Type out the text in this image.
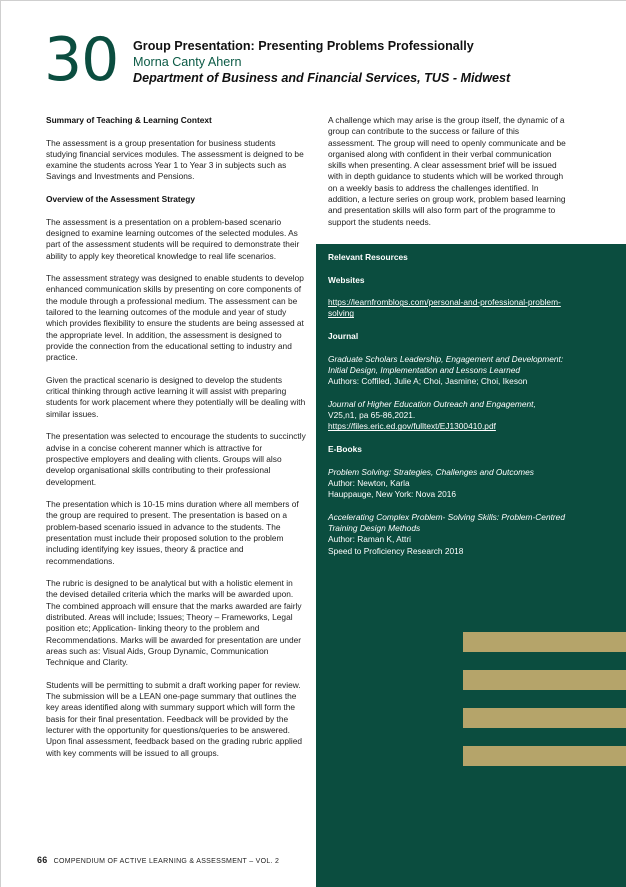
30 Group Presentation: Presenting Problems Professionally
Morna Canty Ahern
Department of Business and Financial Services, TUS - Midwest
Summary of Teaching & Learning Context

The assessment is a group presentation for business students studying financial services modules. The assessment is deigned to be examine the students across Year 1 to Year 3 in subjects such as Savings and Investments and Pensions.

Overview of the Assessment Strategy

The assessment is a presentation on a problem-based scenario designed to examine learning outcomes of the selected modules. As part of the assessment students will be required to demonstrate their ability to apply key theoretical knowledge to real life scenarios.

The assessment strategy was designed to enable students to develop enhanced communication skills by presenting on core components of the module through a professional medium. The assessment can be tailored to the learning outcomes of the module and year of study which provides flexibility to ensure the students are being assessed at the appropriate level. In addition, the assessment is designed to provide the connection from the educational setting to industry and practice.

Given the practical scenario is designed to develop the students critical thinking through active learning it will assist with preparing students for work placement where they potentially will be dealing with similar issues.

The presentation was selected to encourage the students to succinctly advise in a concise coherent manner which is attractive for prospective employers and dealing with clients. Groups will also develop organisational skills contributing to their professional development.

The presentation which is 10-15 mins duration where all members of the group are required to present. The presentation is based on a problem-based scenario issued in advance to the students. The presentation must include their proposed solution to the problem including identifying key issues, theory & practice and recommendations.

The rubric is designed to be analytical but with a holistic element in the devised detailed criteria which the marks will be awarded upon. The combined approach will ensure that the marks awarded are fairly distributed. Areas will include; Issues; Theory – Frameworks, Legal position etc; Application- linking theory to the problem and Recommendations. Marks will be awarded for presentation are under areas such as: Visual Aids, Group Dynamic, Communication Technique and Clarity.

Students will be permitting to submit a draft working paper for review. The submission will be a LEAN one-page summary that outlines the key areas identified along with summary support which will form the basis for their final presentation. Feedback will be provided by the lecturer with the opportunity for questions/queries to be answered. Upon final assessment, feedback based on the grading rubric applied with key comments will be issued to all groups.

A challenge which may arise is the group itself, the dynamic of a group can contribute to the success or failure of this assessment. The group will need to openly communicate and be organised along with confident in their verbal communication skills when presenting. A clear assessment brief will be issued with in depth guidance to students which will be worked through on a weekly basis to address the challenges identified. In addition, a lecture series on group work, problem based learning and presentation skills will also form part of the programme to support the students needs.

Relevant Resources
Websites

https://learnfromblogs.com/personal-and-professional-problem-solving

Journal

Graduate Scholars Leadership, Engagement and Development: Initial Design, Implementation and Lessons Learned
Authors: Coffiled, Julie A; Choi, Jasmine; Choi, Ikeson

Journal of Higher Education Outreach and Engagement,
V25,n1, pa 65-86,2021.
https://files.eric.ed.gov/fulltext/EJ1300410.pdf

E-Books

Problem Solving: Strategies, Challenges and Outcomes
Author: Newton, Karla
Hauppauge, New York: Nova 2016

Accelerating Complex Problem- Solving Skills: Problem-Centred Training Design Methods
Author: Raman K, Attri
Speed to Proficiency Research 2018

66 COMPENDIUM OF ACTIVE LEARNING & ASSESSMENT – VOL. 2
